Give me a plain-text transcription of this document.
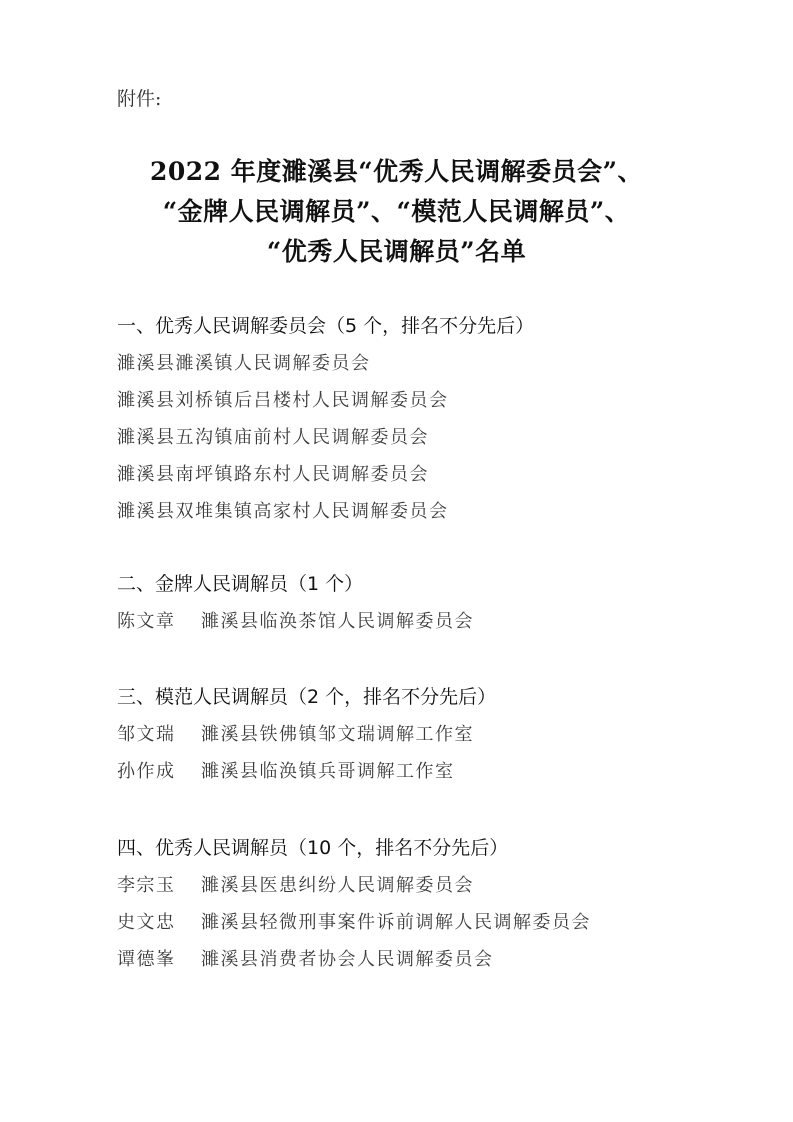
附件:
2022 年度濉溪县“优秀人民调解委员会”、
“金牌人民调解员”、“模范人民调解员”、
“优秀人民调解员”名单
一、优秀人民调解委员会（5 个，排名不分先后）
濉溪县濉溪镇人民调解委员会
濉溪县刘桥镇后吕楼村人民调解委员会
濉溪县五沟镇庙前村人民调解委员会
濉溪县南坪镇路东村人民调解委员会
濉溪县双堆集镇高家村人民调解委员会
二、金牌人民调解员（1 个）
陈文章 濉溪县临涣茶馆人民调解委员会
三、模范人民调解员（2 个，排名不分先后）
邹文瑞 濉溪县铁佛镇邹文瑞调解工作室
孙作成 濉溪县临涣镇兵哥调解工作室
四、优秀人民调解员（10 个，排名不分先后）
李宗玉 濉溪县医患纠纷人民调解委员会
史文忠 濉溪县轻微刑事案件诉前调解人民调解委员会
谭德峯 濉溪县消费者协会人民调解委员会
